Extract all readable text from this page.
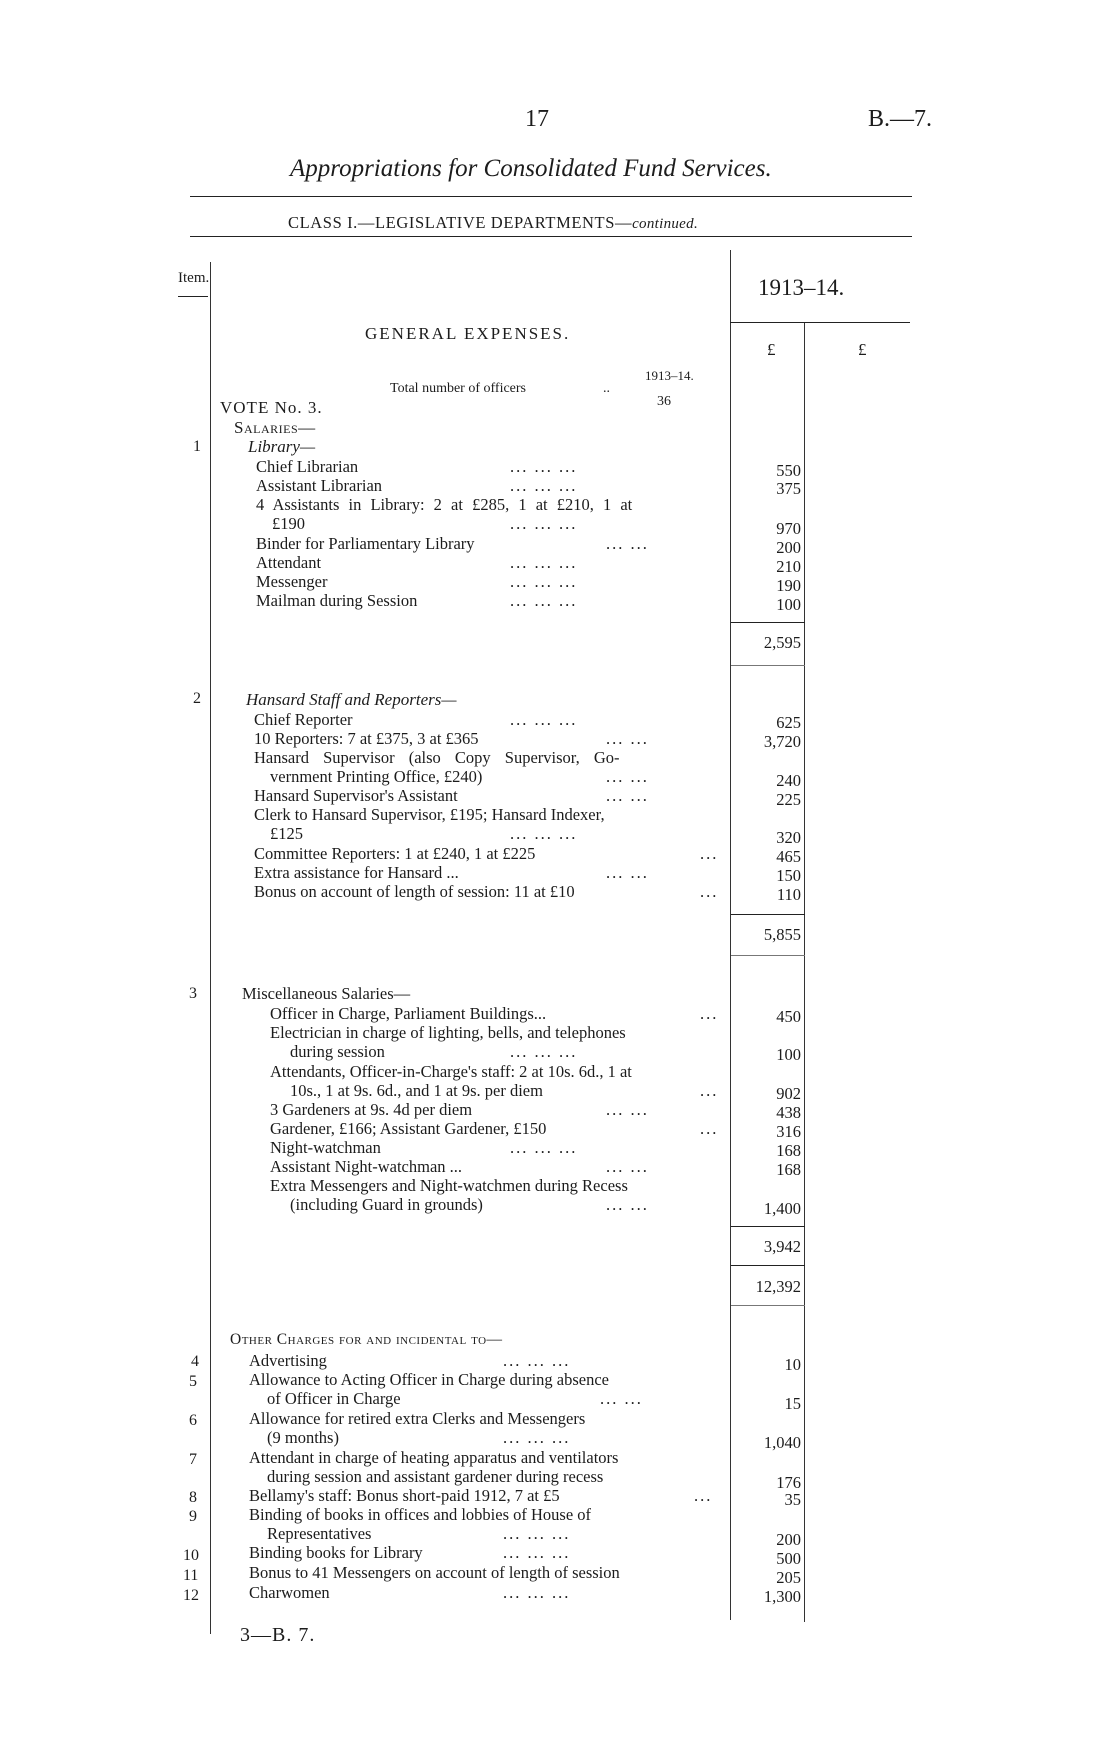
17	B.—7.
Appropriations for Consolidated Fund Services.
CLASS I.—LEGISLATIVE DEPARTMENTS—continued.
Item.	1913–14.
£	£
GENERAL EXPENSES.
1913–14.
Total number of officers	..
36
VOTE No. 3.
Salaries—
1	Library—
Chief Librarian	... ... ...	550
Assistant Librarian	... ... ...	375
4 Assistants in Library: 2 at £285, 1 at £210, 1 at
£190	... ... ...	970
Binder for Parliamentary Library	... ...	200
Attendant	... ... ...	210
Messenger	... ... ...	190
Mailman during Session	... ... ...	100
2,595
2	Hansard Staff and Reporters—
Chief Reporter	... ... ...	625
10 Reporters: 7 at £375, 3 at £365	... ...	3,720
Hansard Supervisor (also Copy Supervisor, Go-
vernment Printing Office, £240)	... ...	240
Hansard Supervisor's Assistant	... ...	225
Clerk to Hansard Supervisor, £195; Hansard Indexer,
£125	... ... ...	320
Committee Reporters: 1 at £240, 1 at £225	...	465
Extra assistance for Hansard ...	... ...	150
Bonus on account of length of session: 11 at £10	...	110
5,855
3	Miscellaneous Salaries—
Officer in Charge, Parliament Buildings...	...	450
Electrician in charge of lighting, bells, and telephones
during session	... ... ...	100
Attendants, Officer-in-Charge's staff: 2 at 10s. 6d., 1 at
10s., 1 at 9s. 6d., and 1 at 9s. per diem	...	902
3 Gardeners at 9s. 4d per diem	... ...	438
Gardener, £166; Assistant Gardener, £150	...	316
Night-watchman	... ... ...	168
Assistant Night-watchman ...	... ...	168
Extra Messengers and Night-watchmen during Recess
(including Guard in grounds)	... ...	1,400
3,942
12,392
Other Charges for and incidental to—
4	Advertising	... ... ...	10
5	Allowance to Acting Officer in Charge during absence
of Officer in Charge	... ...	15
6	Allowance for retired extra Clerks and Messengers
(9 months)	... ... ...	1,040
7	Attendant in charge of heating apparatus and ventilators
during session and assistant gardener during recess	176
8	Bellamy's staff: Bonus short-paid 1912, 7 at £5	...	35
9	Binding of books in offices and lobbies of House of
Representatives	... ... ...	200
10	Binding books for Library	... ... ...	500
11	Bonus to 41 Messengers on account of length of session	205
12	Charwomen	... ... ...	1,300
3—B. 7.
